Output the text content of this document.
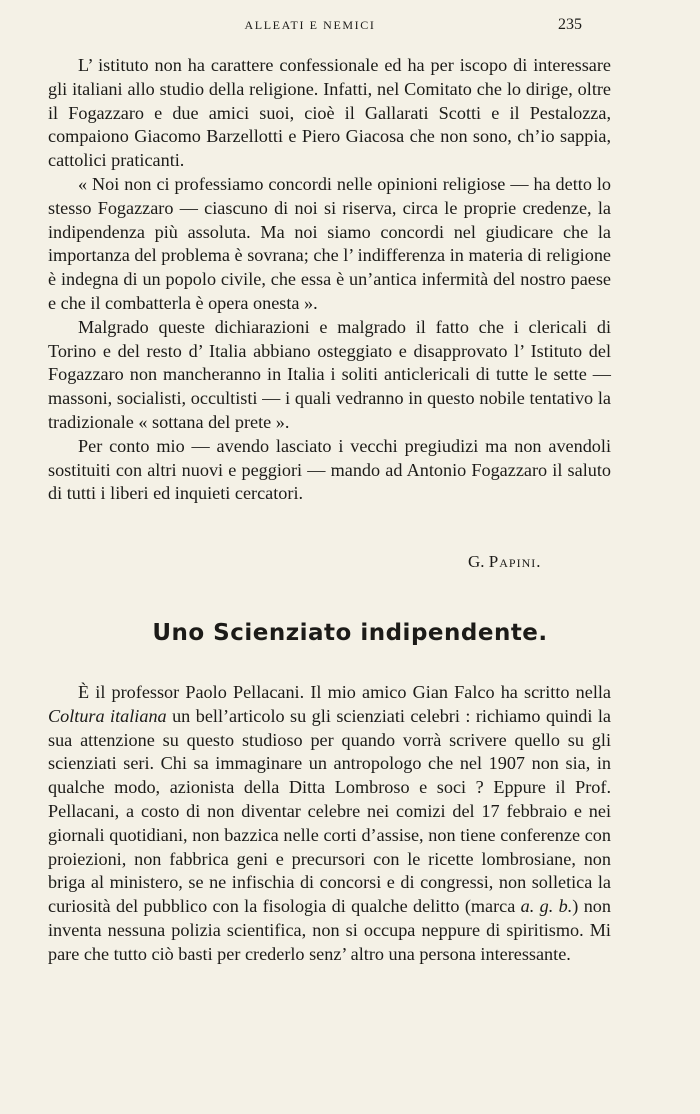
ALLEATI E NEMICI	235

L’ istituto non ha carattere confessionale ed ha per iscopo di interessare gli italiani allo studio della religione. Infatti, nel Comitato che lo dirige, oltre il Fogazzaro e due amici suoi, cioè il Gallarati Scotti e il Pestalozza, compaiono Giacomo Barzellotti e Piero Giacosa che non sono, ch’io sappia, cattolici praticanti.

« Noi non ci professiamo concordi nelle opinioni religiose — ha detto lo stesso Fogazzaro — ciascuno di noi si riserva, circa le proprie credenze, la indipendenza più assoluta. Ma noi siamo concordi nel giudicare che la importanza del problema è sovrana; che l’ indifferenza in materia di religione è indegna di un popolo civile, che essa è un’antica infermità del nostro paese e che il combatterla è opera onesta ».

Malgrado queste dichiarazioni e malgrado il fatto che i clericali di Torino e del resto d’ Italia abbiano osteggiato e disapprovato l’ Istituto del Fogazzaro non mancheranno in Italia i soliti anticlericali di tutte le sette — massoni, socialisti, occultisti — i quali vedranno in questo nobile tentativo la tradizionale « sottana del prete ».

Per conto mio — avendo lasciato i vecchi pregiudizi ma non avendoli sostituiti con altri nuovi e peggiori — mando ad Antonio Fogazzaro il saluto di tutti i liberi ed inquieti cercatori.

G. Papini.
Uno Scienziato indipendente.

È il professor Paolo Pellacani. Il mio amico Gian Falco ha scritto nella Coltura italiana un bell’articolo su gli scienziati celebri : richiamo quindi la sua attenzione su questo studioso per quando vorrà scrivere quello su gli scienziati seri. Chi sa immaginare un antropologo che nel 1907 non sia, in qualche modo, azionista della Ditta Lombroso e soci ? Eppure il Prof. Pellacani, a costo di non diventar celebre nei comizi del 17 febbraio e nei giornali quotidiani, non bazzica nelle corti d’assise, non tiene conferenze con proiezioni, non fabbrica geni e precursori con le ricette lombrosiane, non briga al ministero, se ne infischia di concorsi e di congressi, non solletica la curiosità del pubblico con la fisologia di qualche delitto (marca a. g. b.) non inventa nessuna polizia scientifica, non si occupa neppure di spiritismo. Mi pare che tutto ciò basti per crederlo senz’ altro una persona interessante.
